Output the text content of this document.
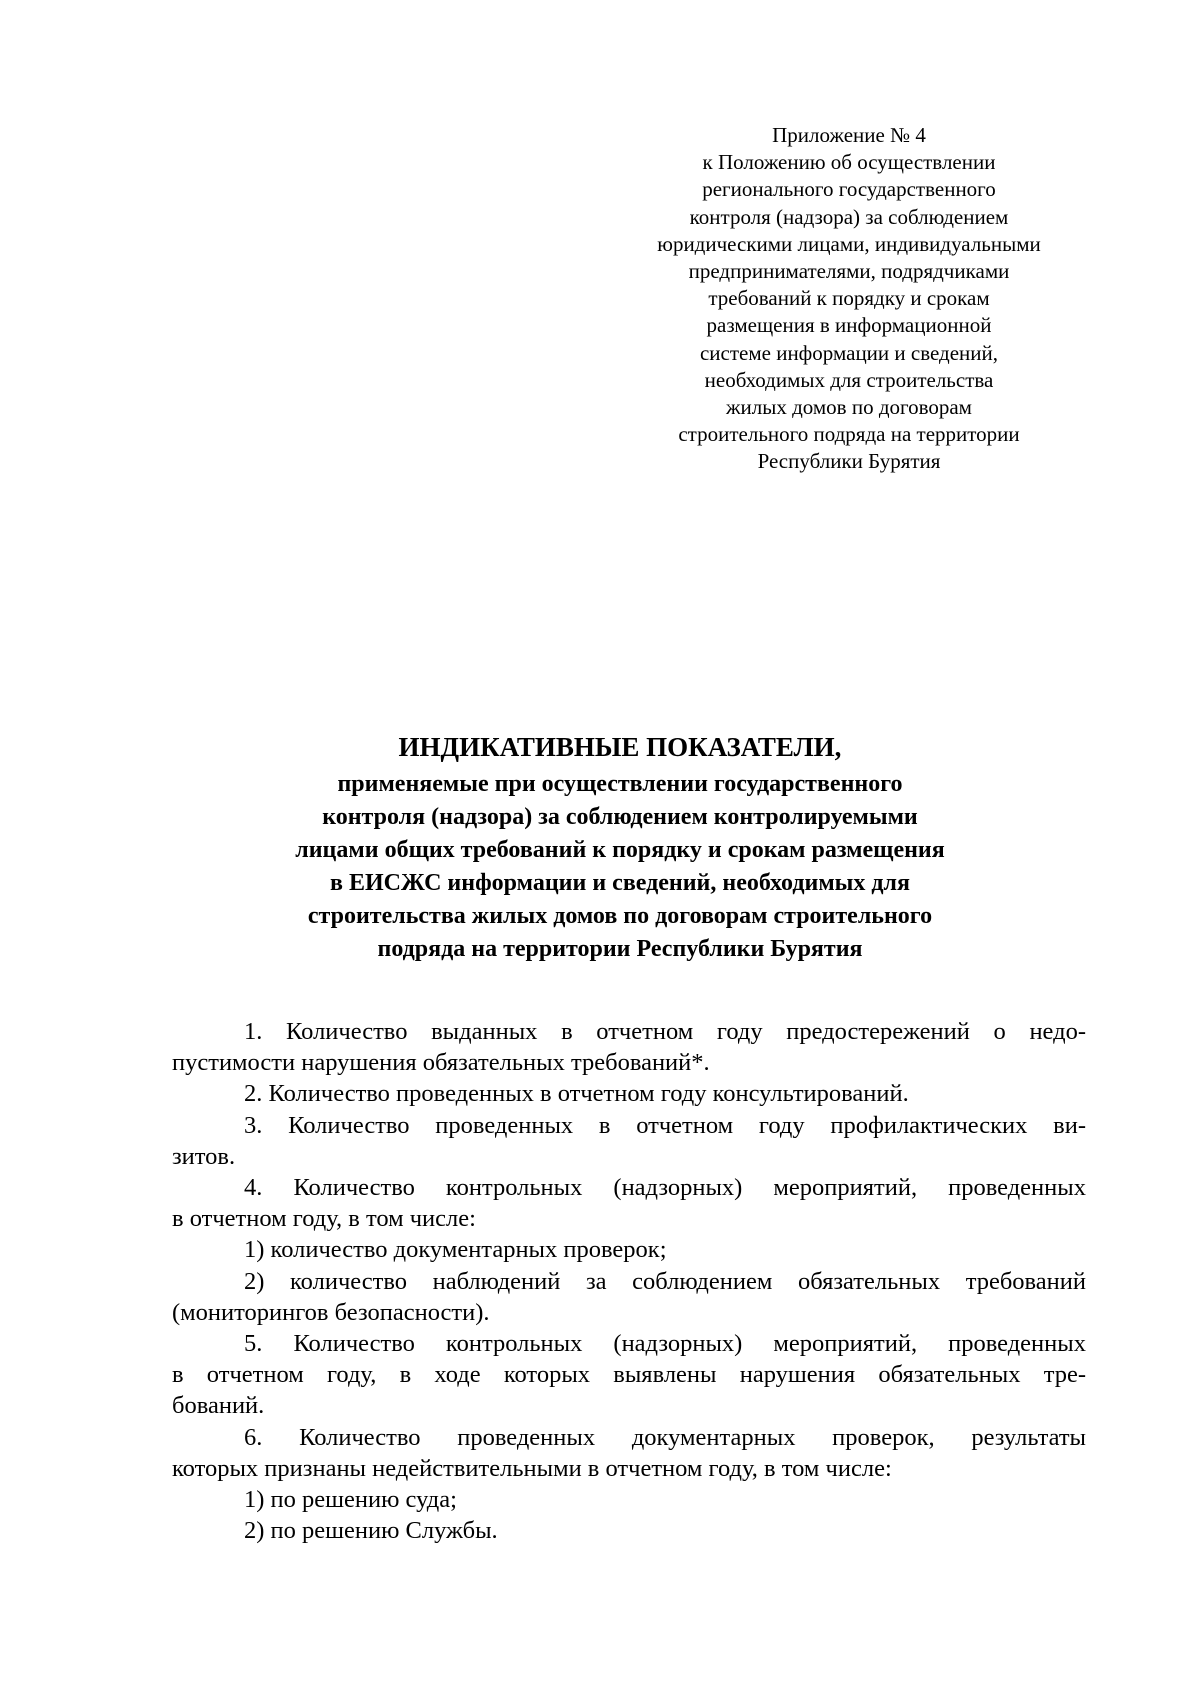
Приложение № 4
к Положению об осуществлении
регионального государственного
контроля (надзора) за соблюдением
юридическими лицами, индивидуальными
предпринимателями, подрядчиками
требований к порядку и срокам
размещения в информационной
системе информации и сведений,
необходимых для строительства
жилых домов по договорам
строительного подряда на территории
Республики Бурятия
ИНДИКАТИВНЫЕ ПОКАЗАТЕЛИ,
применяемые при осуществлении государственного
контроля (надзора) за соблюдением контролируемыми
лицами общих требований к порядку и срокам размещения
в ЕИСЖС информации и сведений, необходимых для
строительства жилых домов по договорам строительного
подряда на территории Республики Бурятия
1. Количество выданных в отчетном году предостережений о недо-
пустимости нарушения обязательных требований*.
2. Количество проведенных в отчетном году консультирований.
3. Количество проведенных в отчетном году профилактических ви-
зитов.
4. Количество контрольных (надзорных) мероприятий, проведенных
в отчетном году, в том числе:
1) количество документарных проверок;
2) количество наблюдений за соблюдением обязательных требований
(мониторингов безопасности).
5. Количество контрольных (надзорных) мероприятий, проведенных
в отчетном году, в ходе которых выявлены нарушения обязательных тре-
бований.
6. Количество проведенных документарных проверок, результаты
которых признаны недействительными в отчетном году, в том числе:
1) по решению суда;
2) по решению Службы.
